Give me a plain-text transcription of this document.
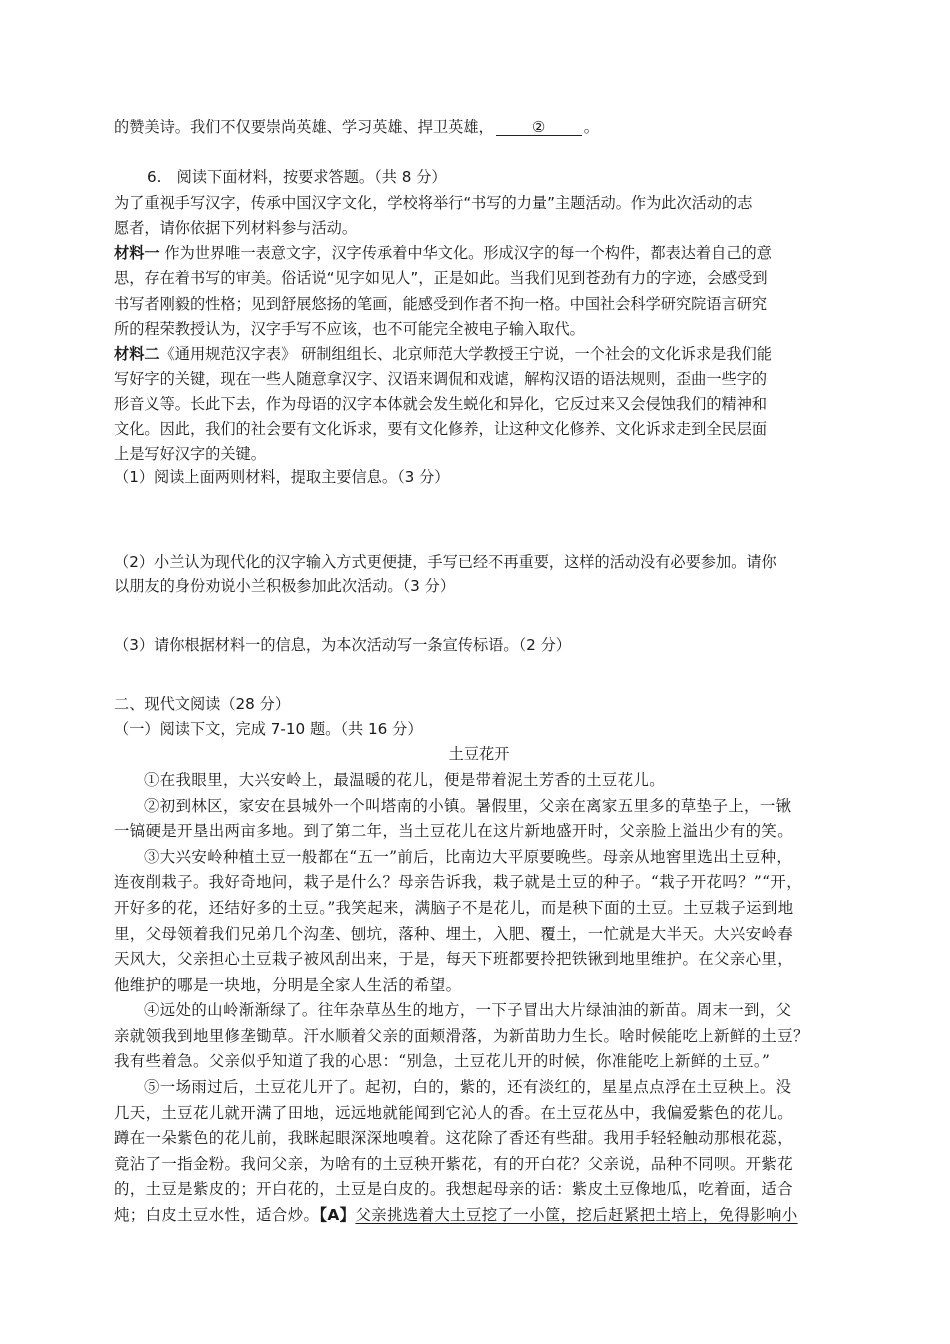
的赞美诗。我们不仅要崇尚英雄、学习英雄、捍卫英雄，	②	。
6.　阅读下面材料，按要求答题。（共 8 分）
为了重视手写汉字，传承中国汉字文化，学校将举行“书写的力量”主题活动。作为此次活动的志
愿者，请你依据下列材料参与活动。
材料一 作为世界唯一表意文字，汉字传承着中华文化。形成汉字的每一个构件，都表达着自己的意
思，存在着书写的审美。俗话说“见字如见人”，正是如此。当我们见到苍劲有力的字迹，会感受到
书写者刚毅的性格；见到舒展悠扬的笔画，能感受到作者不拘一格。中国社会科学研究院语言研究
所的程荣教授认为，汉字手写不应该，也不可能完全被电子输入取代。
材料二《通用规范汉字表》 研制组组长、北京师范大学教授王宁说，一个社会的文化诉求是我们能
写好字的关键，现在一些人随意拿汉字、汉语来调侃和戏谑，解构汉语的语法规则，歪曲一些字的
形音义等。长此下去，作为母语的汉字本体就会发生蜕化和异化，它反过来又会侵蚀我们的精神和
文化。因此，我们的社会要有文化诉求，要有文化修养，让这种文化修养、文化诉求走到全民层面
上是写好汉字的关键。
（1）阅读上面两则材料，提取主要信息。（3 分）
（2）小兰认为现代化的汉字输入方式更便捷，手写已经不再重要，这样的活动没有必要参加。请你
以朋友的身份劝说小兰积极参加此次活动。（3 分）
（3）请你根据材料一的信息，为本次活动写一条宣传标语。（2 分）
二、现代文阅读（28 分）
（一）阅读下文，完成 7-10 题。（共 16 分）
土豆花开
①在我眼里，大兴安岭上，最温暖的花儿，便是带着泥土芳香的土豆花儿。
②初到林区，家安在县城外一个叫塔南的小镇。暑假里，父亲在离家五里多的草垫子上，一锹
一镐硬是开垦出两亩多地。到了第二年，当土豆花儿在这片新地盛开时，父亲脸上溢出少有的笑。
③大兴安岭种植土豆一般都在“五一”前后，比南边大平原要晚些。母亲从地窖里选出土豆种，
连夜削栽子。我好奇地问，栽子是什么？母亲告诉我，栽子就是土豆的种子。“栽子开花吗？”“开，
开好多的花，还结好多的土豆。”我笑起来，满脑子不是花儿，而是秧下面的土豆。土豆栽子运到地
里，父母领着我们兄弟几个沟垄、刨坑，落种、埋土，入肥、覆土，一忙就是大半天。大兴安岭春
天风大，父亲担心土豆栽子被风刮出来，于是，每天下班都要拎把铁锹到地里维护。在父亲心里，
他维护的哪是一块地，分明是全家人生活的希望。
④远处的山岭渐渐绿了。往年杂草丛生的地方，一下子冒出大片绿油油的新苗。周末一到，父
亲就领我到地里修垄锄草。汗水顺着父亲的面颊滑落，为新苗助力生长。啥时候能吃上新鲜的土豆？
我有些着急。父亲似乎知道了我的心思：“别急，土豆花儿开的时候，你准能吃上新鲜的土豆。”
⑤一场雨过后，土豆花儿开了。起初，白的，紫的，还有淡红的，星星点点浮在土豆秧上。没
几天，土豆花儿就开满了田地，远远地就能闻到它沁人的香。在土豆花丛中，我偏爱紫色的花儿。
蹲在一朵紫色的花儿前，我眯起眼深深地嗅着。这花除了香还有些甜。我用手轻轻触动那根花蕊，
竟沾了一指金粉。我问父亲，为啥有的土豆秧开紫花，有的开白花？父亲说，品种不同呗。开紫花
的，土豆是紫皮的；开白花的，土豆是白皮的。我想起母亲的话：紫皮土豆像地瓜，吃着面，适合
炖；白皮土豆水性，适合炒。【A】父亲挑选着大土豆挖了一小筐，挖后赶紧把土培上，免得影响小
